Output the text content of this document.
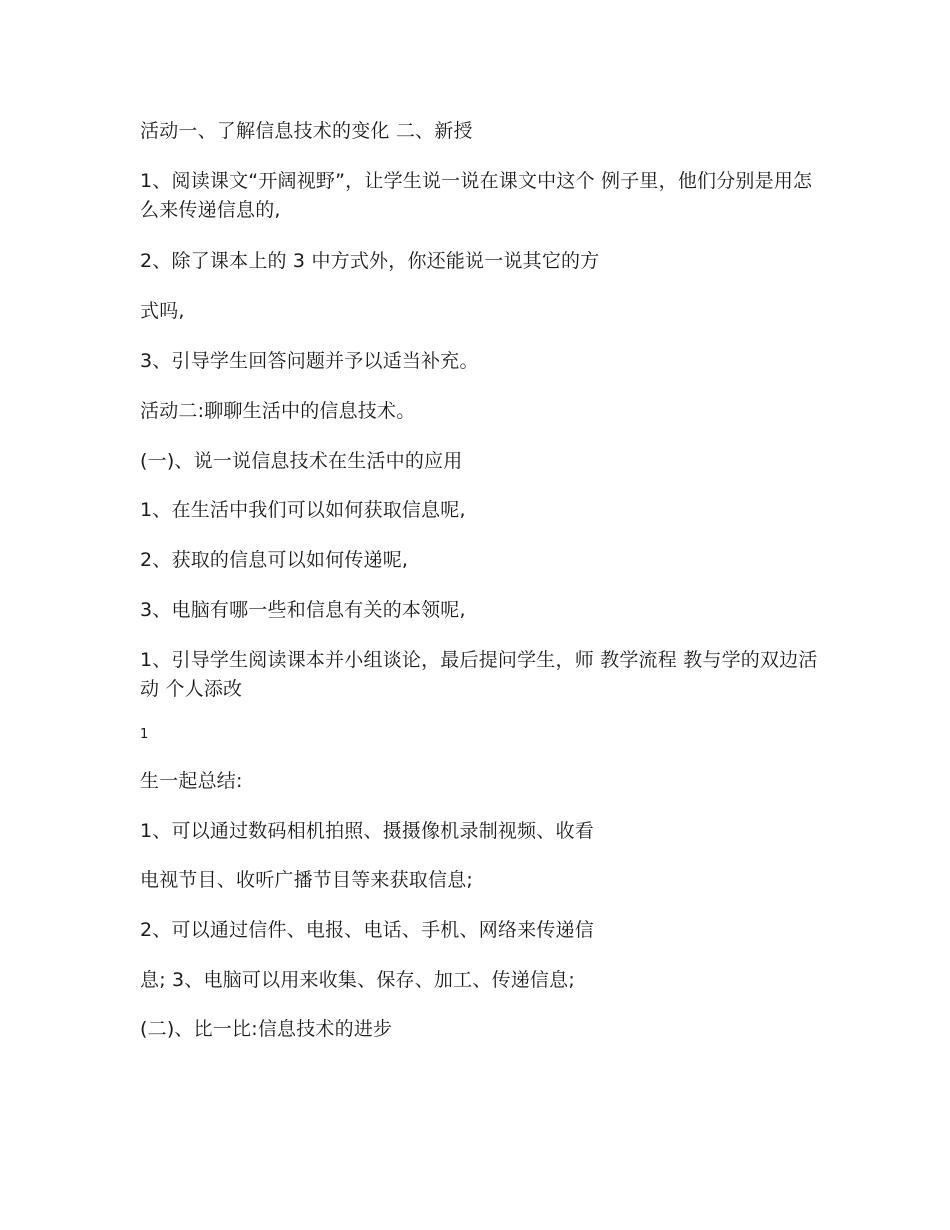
活动一、了解信息技术的变化 二、新授

1、阅读课文“开阔视野”，让学生说一说在课文中这个 例子里，他们分别是用怎么来传递信息的,

2、除了课本上的 3 中方式外，你还能说一说其它的方

式吗,

3、引导学生回答问题并予以适当补充。

活动二:聊聊生活中的信息技术。

(一)、说一说信息技术在生活中的应用

1、在生活中我们可以如何获取信息呢,

2、获取的信息可以如何传递呢,

3、电脑有哪一些和信息有关的本领呢,

1、引导学生阅读课本并小组谈论，最后提问学生，师 教学流程 教与学的双边活动 个人添改

1

生一起总结:

1、可以通过数码相机拍照、摄摄像机录制视频、收看

电视节目、收听广播节目等来获取信息;

2、可以通过信件、电报、电话、手机、网络来传递信

息; 3、电脑可以用来收集、保存、加工、传递信息;

(二)、比一比:信息技术的进步
